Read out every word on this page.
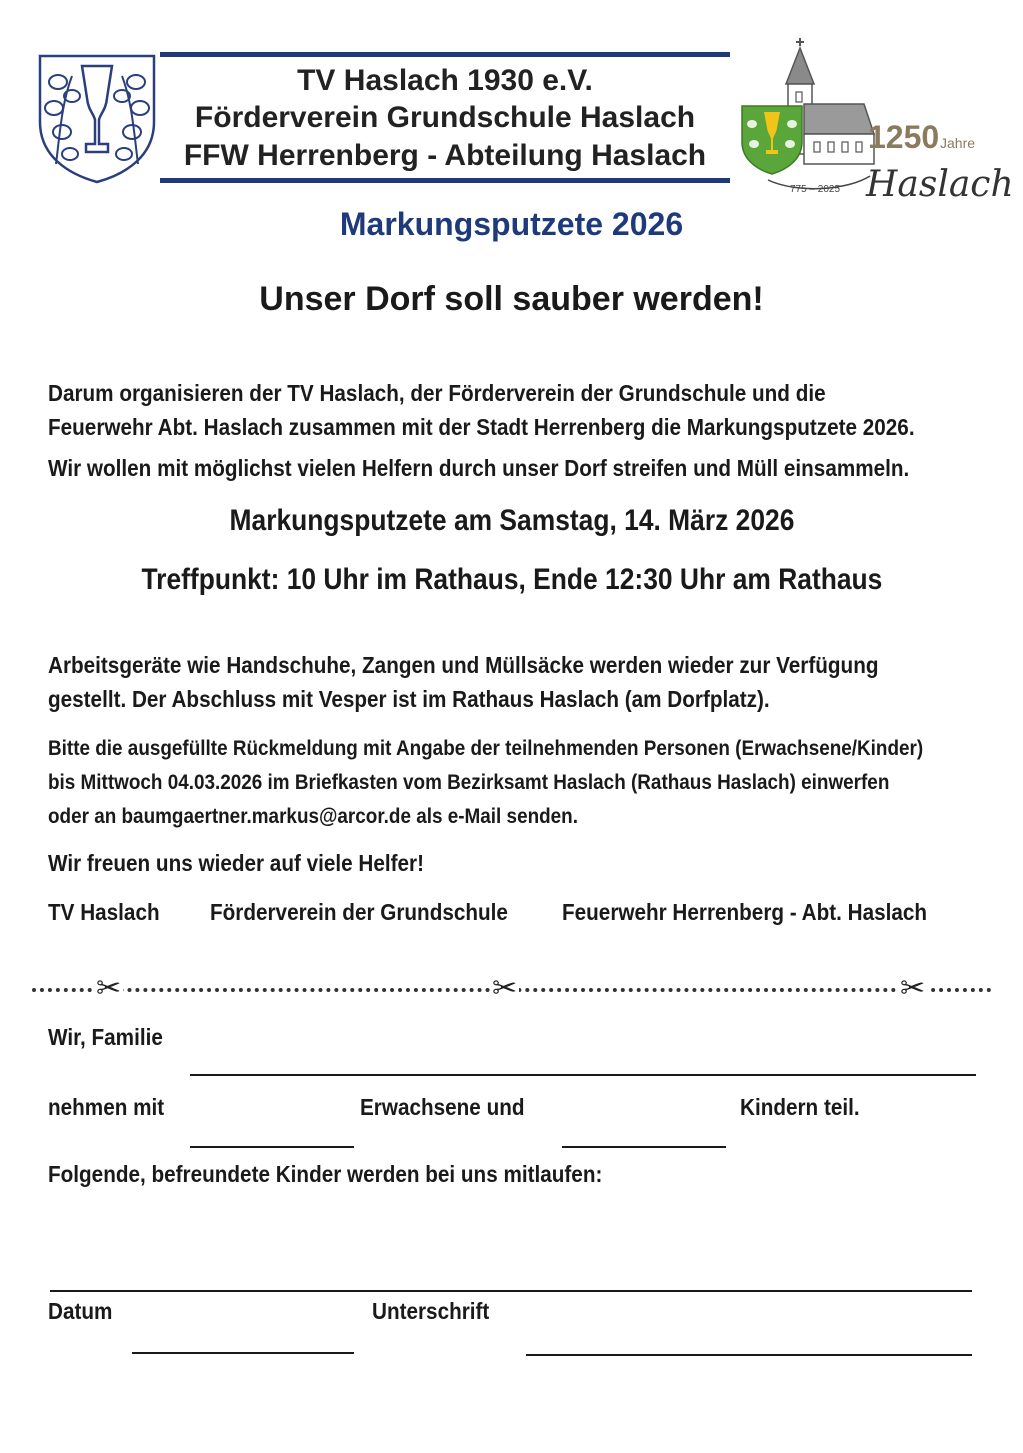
TV Haslach 1930 e.V.
Förderverein Grundschule Haslach
FFW Herrenberg - Abteilung Haslach
1250 Jahre
775 – 2025 Haslach
Markungsputzete 2026
Unser Dorf soll sauber werden!
Darum organisieren der TV Haslach, der Förderverein der Grundschule und die
Feuerwehr Abt. Haslach zusammen mit der Stadt Herrenberg die Markungsputzete 2026.
Wir wollen mit möglichst vielen Helfern durch unser Dorf streifen und Müll einsammeln.
Markungsputzete am Samstag, 14. März 2026
Treffpunkt: 10 Uhr im Rathaus, Ende 12:30 Uhr am Rathaus
Arbeitsgeräte wie Handschuhe, Zangen und Müllsäcke werden wieder zur Verfügung
gestellt. Der Abschluss mit Vesper ist im Rathaus Haslach (am Dorfplatz).
Bitte die ausgefüllte Rückmeldung mit Angabe der teilnehmenden Personen (Erwachsene/Kinder)
bis Mittwoch 04.03.2026 im Briefkasten vom Bezirksamt Haslach (Rathaus Haslach) einwerfen
oder an baumgaertner.markus@arcor.de als e-Mail senden.
Wir freuen uns wieder auf viele Helfer!
TV Haslach Förderverein der Grundschule Feuerwehr Herrenberg - Abt. Haslach
✂	✂	✂
Wir, Familie
nehmen mit	Erwachsene und	Kindern teil.
Folgende, befreundete Kinder werden bei uns mitlaufen:
Datum	Unterschrift
